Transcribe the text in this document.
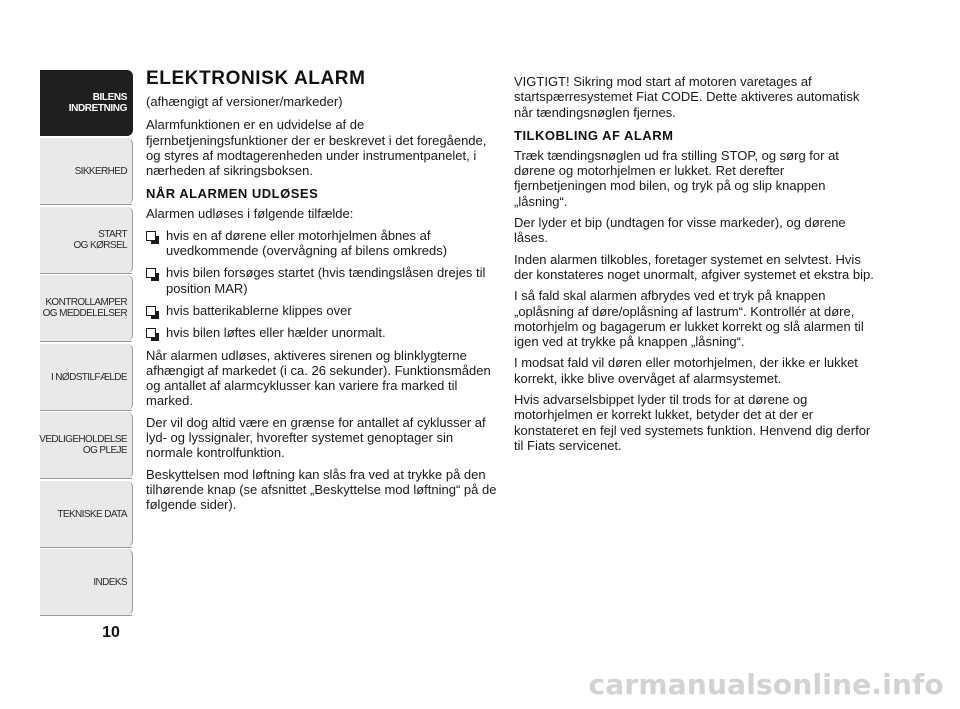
BILENS
INDRETNING
SIKKERHED
START
OG KØRSEL
KONTROLLAMPER
OG MEDDELELSER
I NØDSTILFÆLDE
VEDLIGEHOLDELSE
OG PLEJE
TEKNISKE DATA
INDEKS
10
ELEKTRONISK ALARM

(afhængigt af versioner/markeder)

Alarmfunktionen er en udvidelse af de fjernbetjeningsfunktioner der er beskrevet i det foregående, og styres af modtagerenheden under instrumentpanelet, i nærheden af sikringsboksen.

NÅR ALARMEN UDLØSES

Alarmen udløses i følgende tilfælde:

hvis en af dørene eller motorhjelmen åbnes af uvedkommende (overvågning af bilens omkreds)
hvis bilen forsøges startet (hvis tændingslåsen drejes til position MAR)
hvis batterikablerne klippes over
hvis bilen løftes eller hælder unormalt.

Når alarmen udløses, aktiveres sirenen og blinklygterne afhængigt af markedet (i ca. 26 sekunder). Funktionsmåden og antallet af alarmcyklusser kan variere fra marked til marked.

Der vil dog altid være en grænse for antallet af cyklusser af lyd- og lyssignaler, hvorefter systemet genoptager sin normale kontrolfunktion.

Beskyttelsen mod løftning kan slås fra ved at trykke på den tilhørende knap (se afsnittet „Beskyttelse mod løftning“ på de følgende sider).

VIGTIGT! Sikring mod start af motoren varetages af startspærresystemet Fiat CODE. Dette aktiveres automatisk når tændingsnøglen fjernes.

TILKOBLING AF ALARM

Træk tændingsnøglen ud fra stilling STOP, og sørg for at dørene og motorhjelmen er lukket. Ret derefter fjernbetjeningen mod bilen, og tryk på og slip knappen „låsning“.

Der lyder et bip (undtagen for visse markeder), og dørene låses.

Inden alarmen tilkobles, foretager systemet en selvtest. Hvis der konstateres noget unormalt, afgiver systemet et ekstra bip.

I så fald skal alarmen afbrydes ved et tryk på knappen „oplåsning af døre/oplåsning af lastrum“. Kontrollér at døre, motorhjelm og bagagerum er lukket korrekt og slå alarmen til igen ved at trykke på knappen „låsning“.

I modsat fald vil døren eller motorhjelmen, der ikke er lukket korrekt, ikke blive overvåget af alarmsystemet.

Hvis advarselsbippet lyder til trods for at dørene og motorhjelmen er korrekt lukket, betyder det at der er konstateret en fejl ved systemets funktion. Henvend dig derfor til Fiats servicenet.

carmanualsonline.info
